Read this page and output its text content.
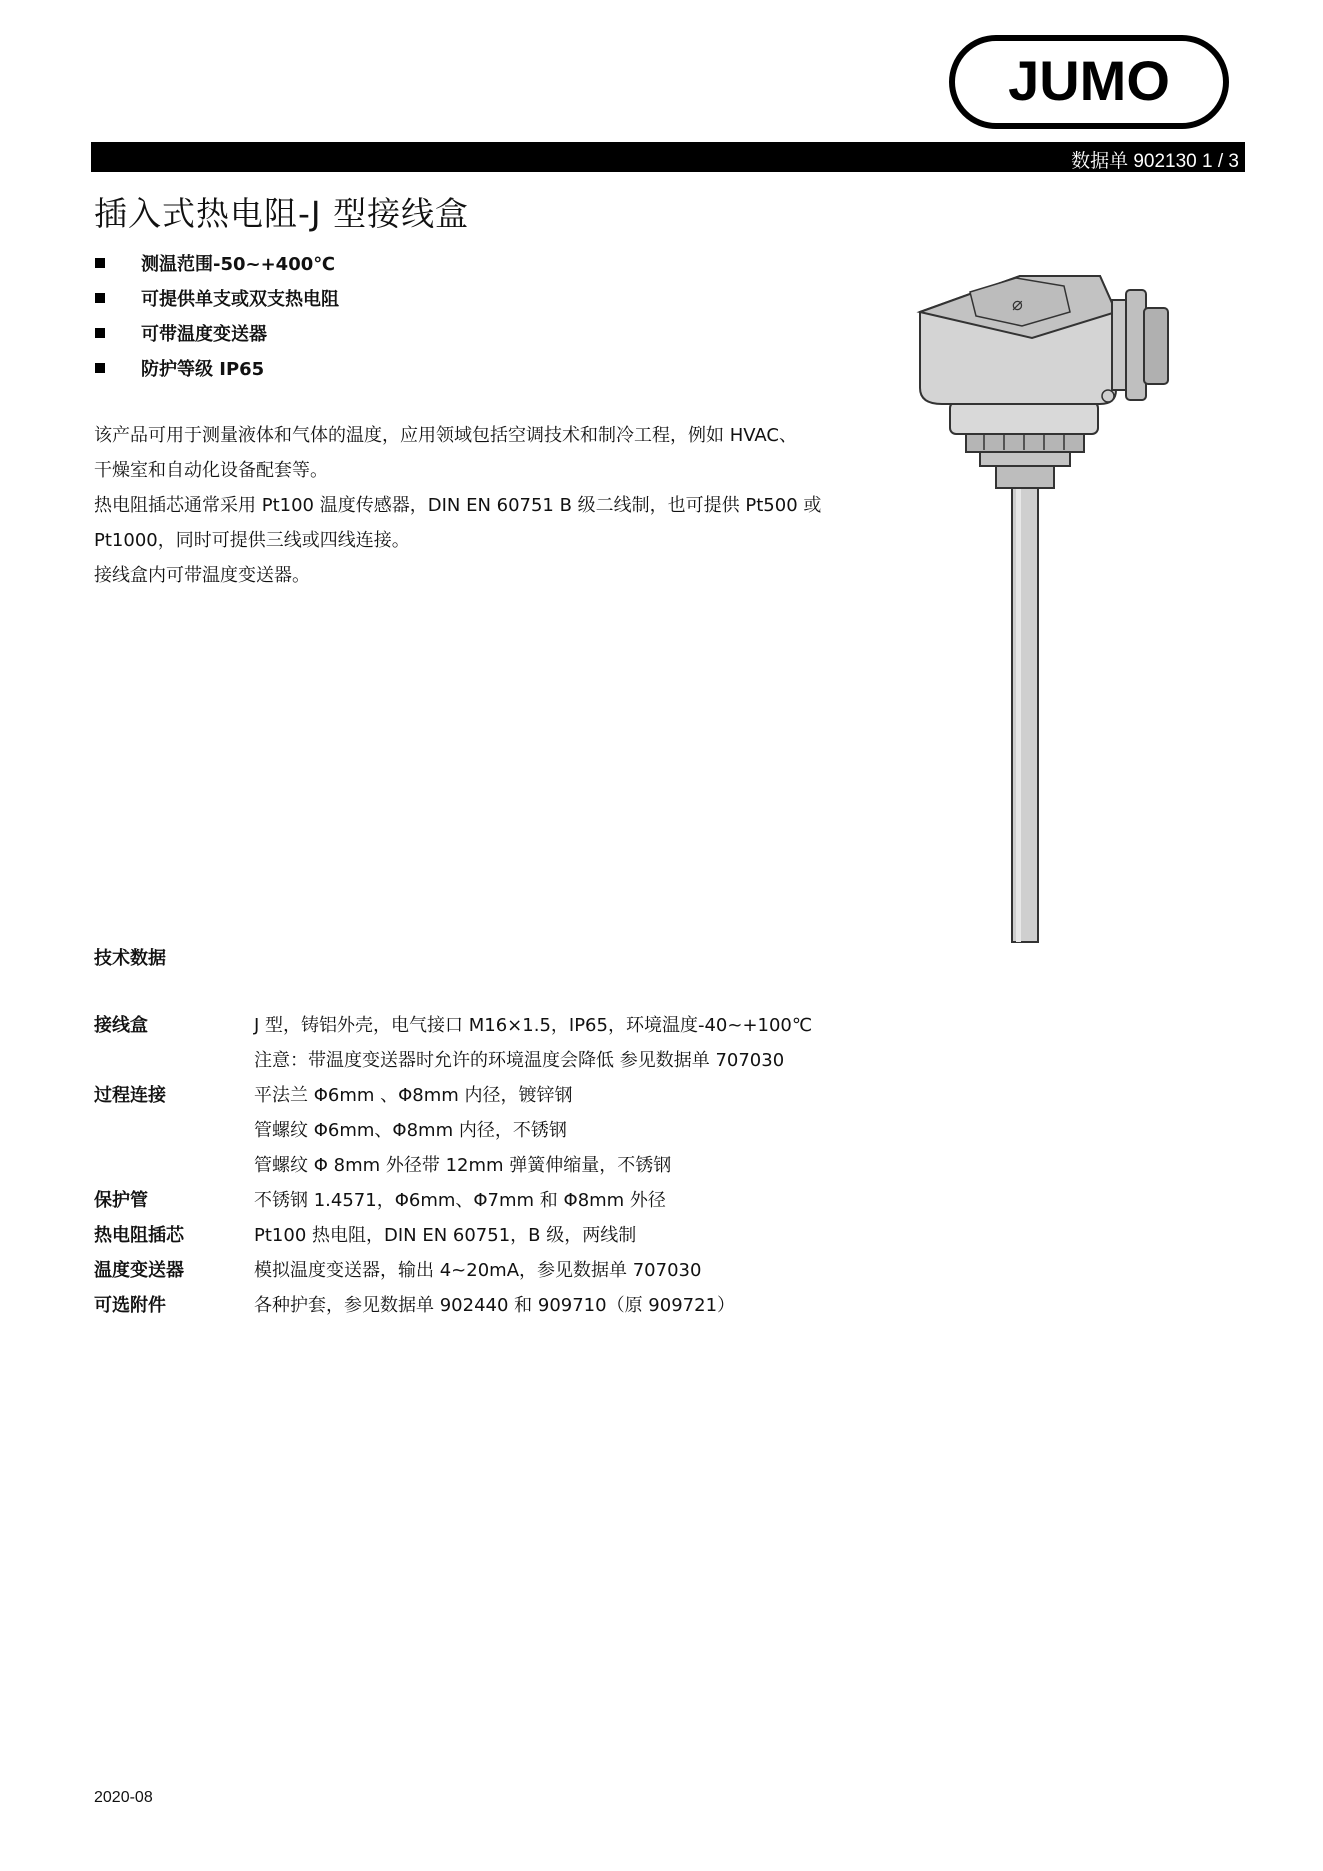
JUMO
数据单 902130 1 / 3
插入式热电阻-J 型接线盒
测温范围-50~+400℃
可提供单支或双支热电阻
可带温度变送器
防护等级 IP65

该产品可用于测量液体和气体的温度，应用领域包括空调技术和制冷工程，例如 HVAC、

干燥室和自动化设备配套等。

热电阻插芯通常采用 Pt100 温度传感器，DIN EN 60751 B 级二线制，也可提供 Pt500 或

Pt1000，同时可提供三线或四线连接。

接线盒内可带温度变送器。

⌀
技术数据
接线盒	J 型，铸铝外壳，电气接口 M16×1.5，IP65，环境温度-40~+100℃
注意：带温度变送器时允许的环境温度会降低 参见数据单 707030
过程连接	平法兰 Φ6mm 、Φ8mm 内径，镀锌钢
管螺纹 Φ6mm、Φ8mm 内径，不锈钢
管螺纹 Φ 8mm 外径带 12mm 弹簧伸缩量，不锈钢
保护管	不锈钢 1.4571，Φ6mm、Φ7mm 和 Φ8mm 外径
热电阻插芯	Pt100 热电阻，DIN EN 60751，B 级，两线制
温度变送器	模拟温度变送器，输出 4~20mA，参见数据单 707030
可选附件	各种护套，参见数据单 902440 和 909710（原 909721）
2020-08
